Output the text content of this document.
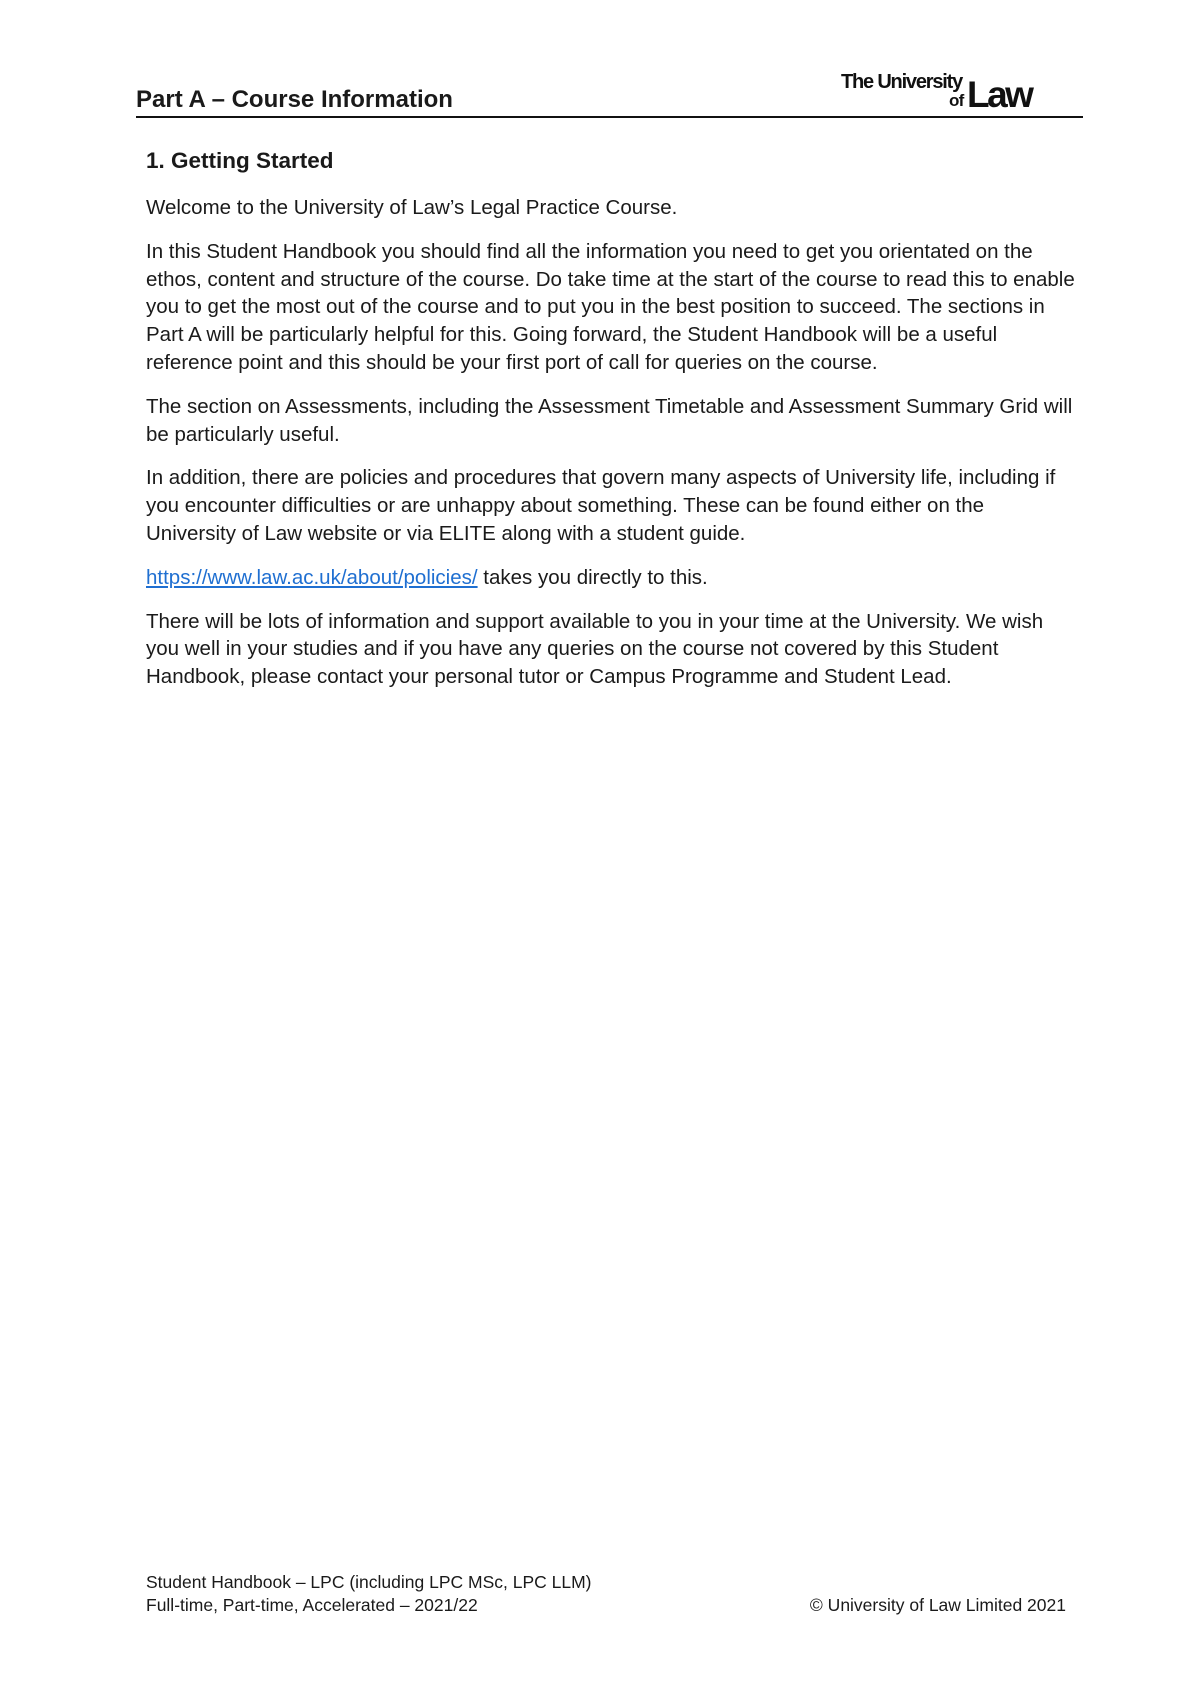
Part A – Course Information
The University
of Law
1. Getting Started

Welcome to the University of Law’s Legal Practice Course.

In this Student Handbook you should find all the information you need to get you orientated on the ethos, content and structure of the course. Do take time at the start of the course to read this to enable you to get the most out of the course and to put you in the best position to succeed. The sections in Part A will be particularly helpful for this. Going forward, the Student Handbook will be a useful reference point and this should be your first port of call for queries on the course.

The section on Assessments, including the Assessment Timetable and Assessment Summary Grid will be particularly useful.

In addition, there are policies and procedures that govern many aspects of University life, including if you encounter difficulties or are unhappy about something. These can be found either on the University of Law website or via ELITE along with a student guide.

https://www.law.ac.uk/about/policies/ takes you directly to this.

There will be lots of information and support available to you in your time at the University. We wish you well in your studies and if you have any queries on the course not covered by this Student Handbook, please contact your personal tutor or Campus Programme and Student Lead.

Student Handbook – LPC (including LPC MSc, LPC LLM)
Full-time, Part-time, Accelerated – 2021/22	© University of Law Limited 2021
